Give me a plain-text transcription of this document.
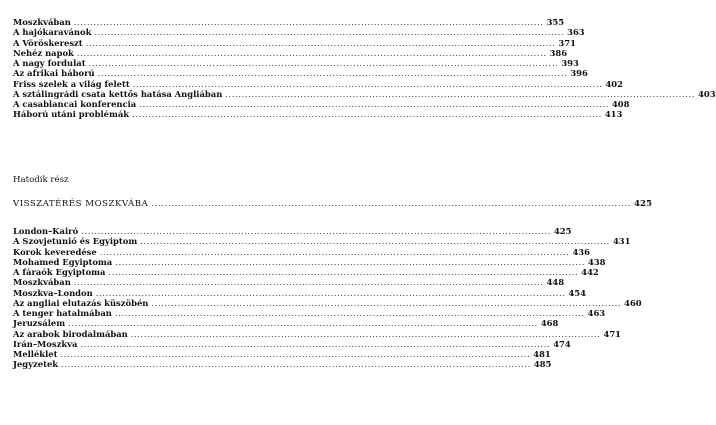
Moszkvában ................................................................................................................................................ 355
A hajókaravánok ................................................................................................................................................ 363
A Vöröskereszt ................................................................................................................................................ 371
Nehéz napok ................................................................................................................................................ 386
A nagy fordulat ................................................................................................................................................ 393
Az afrikai háború ................................................................................................................................................ 396
Friss szelek a világ felett ................................................................................................................................................ 402
A sztálingrádi csata kettős hatása Angliában ................................................................................................................................................ 403
A casablancai konferencia ................................................................................................................................................ 408
Háború utáni problémák ................................................................................................................................................ 413
Hatodik rész
VISSZATÉRÉS MOSZKVÁBA ................................................................................................................................................ 425
London–Kairó ................................................................................................................................................ 425
A Szovjetunió és Egyiptom ................................................................................................................................................ 431
Korok keveredése ................................................................................................................................................ 436
Mohamed Egyiptoma ................................................................................................................................................ 438
A fáraók Egyiptoma ................................................................................................................................................ 442
Moszkvában ................................................................................................................................................ 448
Moszkva–London ................................................................................................................................................ 454
Az angliai elutazás küszöbén ................................................................................................................................................ 460
A tenger hatalmában ................................................................................................................................................ 463
Jeruzsálem ................................................................................................................................................ 468
Az arabok birodalmában ................................................................................................................................................ 471
Irán–Moszkva ................................................................................................................................................ 474
Melléklet ................................................................................................................................................ 481
Jegyzetek ................................................................................................................................................ 485
